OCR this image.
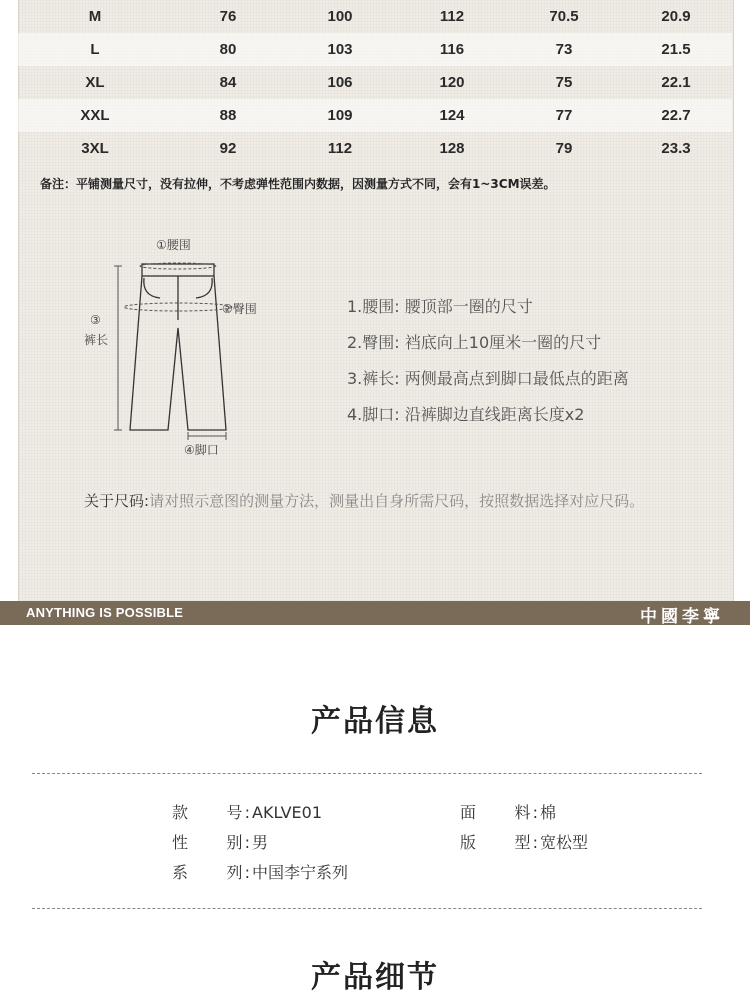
M	76	100	112	70.5	20.9
L	80	103	116	73	21.5
XL	84	106	120	75	22.1
XXL	88	109	124	77	22.7
3XL	92	112	128	79	23.3
备注：平铺测量尺寸，没有拉伸，不考虑弹性范围内数据，因测量方式不同，会有1~3CM误差。
①腰围
②臀围
③
裤长
④脚口
1.腰围: 腰顶部一圈的尺寸
2.臀围: 裆底向上10厘米一圈的尺寸
3.裤长: 两侧最高点到脚口最低点的距离
4.脚口: 沿裤脚边直线距离长度x2
关于尺码:请对照示意图的测量方法，测量出自身所需尺码，按照数据选择对应尺码。
ANYTHING IS POSSIBLE	中國李寧
产品信息
款　　号: AKLVE01	面　　料: 棉
性　　别: 男	版　　型: 宽松型
系　　列: 中国李宁系列
产品细节
